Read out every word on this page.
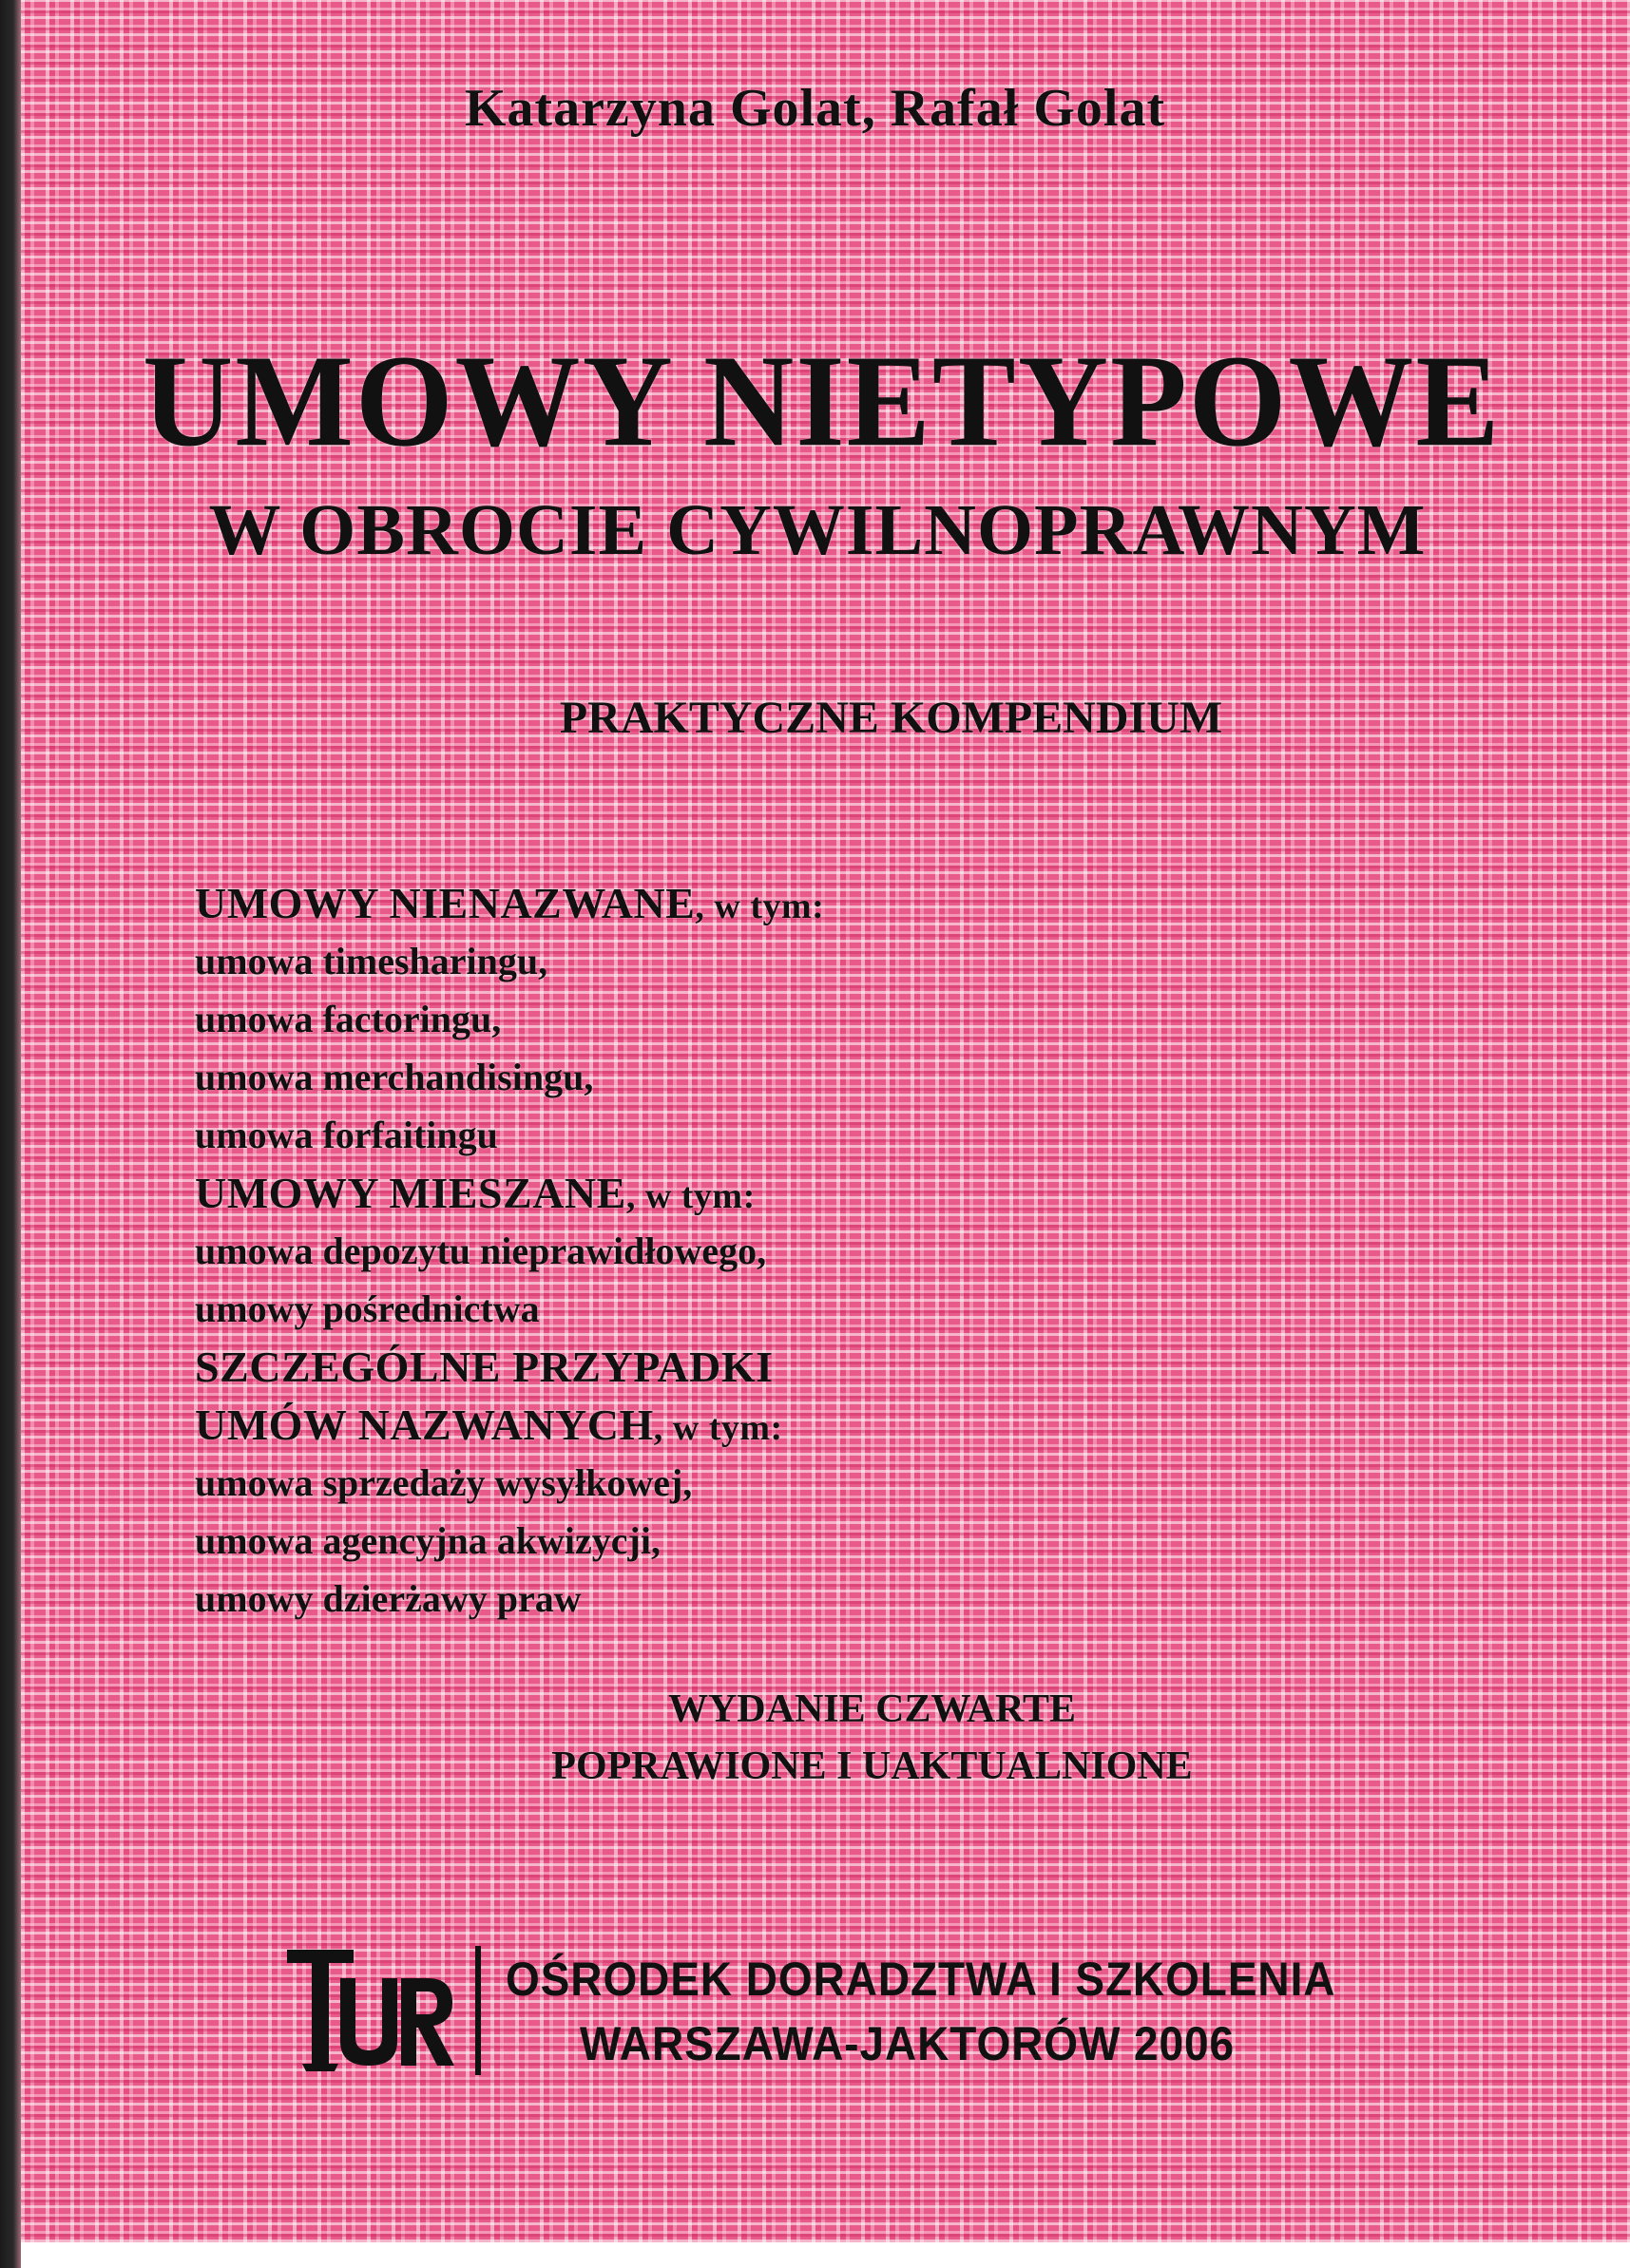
Katarzyna Golat, Rafał Golat
UMOWY NIETYPOWE
W OBROCIE CYWILNOPRAWNYM
PRAKTYCZNE KOMPENDIUM
UMOWY NIENAZWANE, w tym:
umowa timesharingu,
umowa factoringu,
umowa merchandisingu,
umowa forfaitingu
UMOWY MIESZANE, w tym:
umowa depozytu nieprawidłowego,
umowy pośrednictwa
SZCZEGÓLNE PRZYPADKI
UMÓW NAZWANYCH, w tym:
umowa sprzedaży wysyłkowej,
umowa agencyjna akwizycji,
umowy dzierżawy praw
WYDANIE CZWARTE
POPRAWIONE I UAKTUALNIONE
OŚRODEK DORADZTWA I SZKOLENIA
WARSZAWA-JAKTORÓW 2006
